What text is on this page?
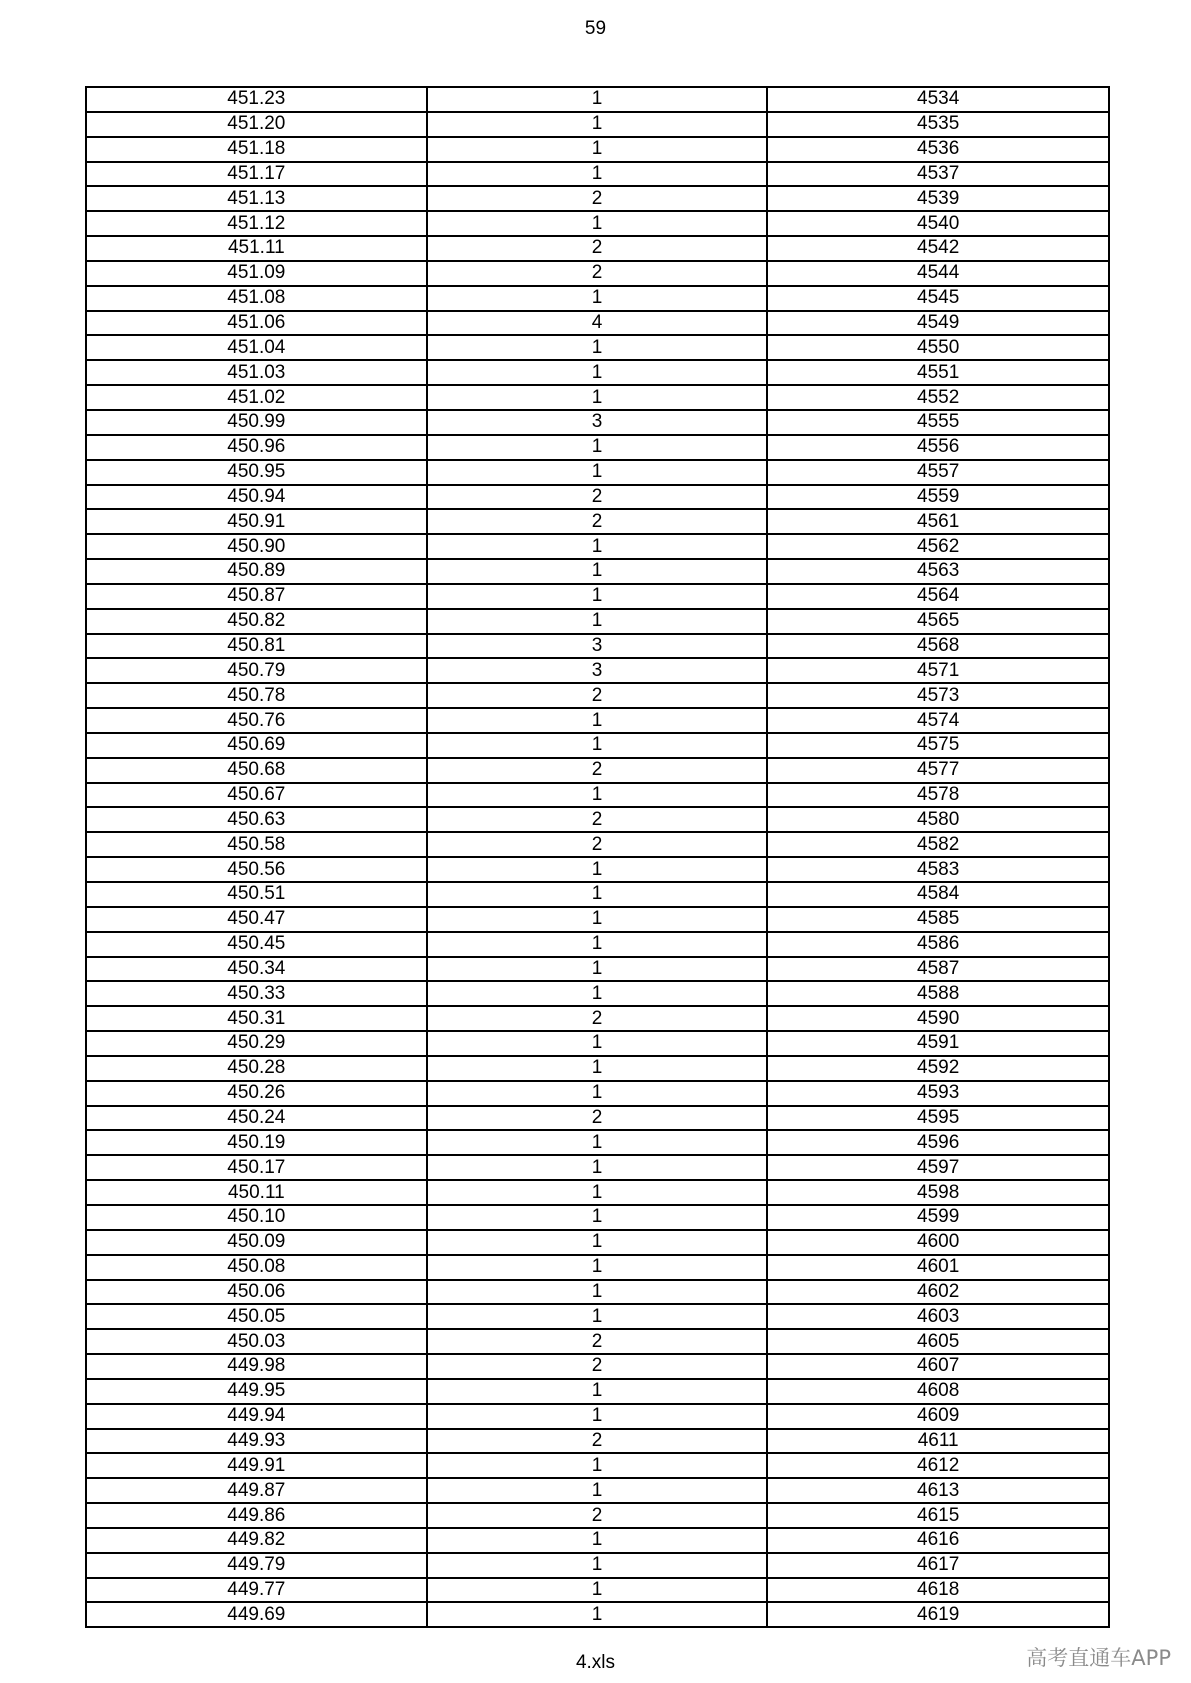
59
451.23	1	4534
451.20	1	4535
451.18	1	4536
451.17	1	4537
451.13	2	4539
451.12	1	4540
451.11	2	4542
451.09	2	4544
451.08	1	4545
451.06	4	4549
451.04	1	4550
451.03	1	4551
451.02	1	4552
450.99	3	4555
450.96	1	4556
450.95	1	4557
450.94	2	4559
450.91	2	4561
450.90	1	4562
450.89	1	4563
450.87	1	4564
450.82	1	4565
450.81	3	4568
450.79	3	4571
450.78	2	4573
450.76	1	4574
450.69	1	4575
450.68	2	4577
450.67	1	4578
450.63	2	4580
450.58	2	4582
450.56	1	4583
450.51	1	4584
450.47	1	4585
450.45	1	4586
450.34	1	4587
450.33	1	4588
450.31	2	4590
450.29	1	4591
450.28	1	4592
450.26	1	4593
450.24	2	4595
450.19	1	4596
450.17	1	4597
450.11	1	4598
450.10	1	4599
450.09	1	4600
450.08	1	4601
450.06	1	4602
450.05	1	4603
450.03	2	4605
449.98	2	4607
449.95	1	4608
449.94	1	4609
449.93	2	4611
449.91	1	4612
449.87	1	4613
449.86	2	4615
449.82	1	4616
449.79	1	4617
449.77	1	4618
449.69	1	4619
4.xls	高考直通车APP
